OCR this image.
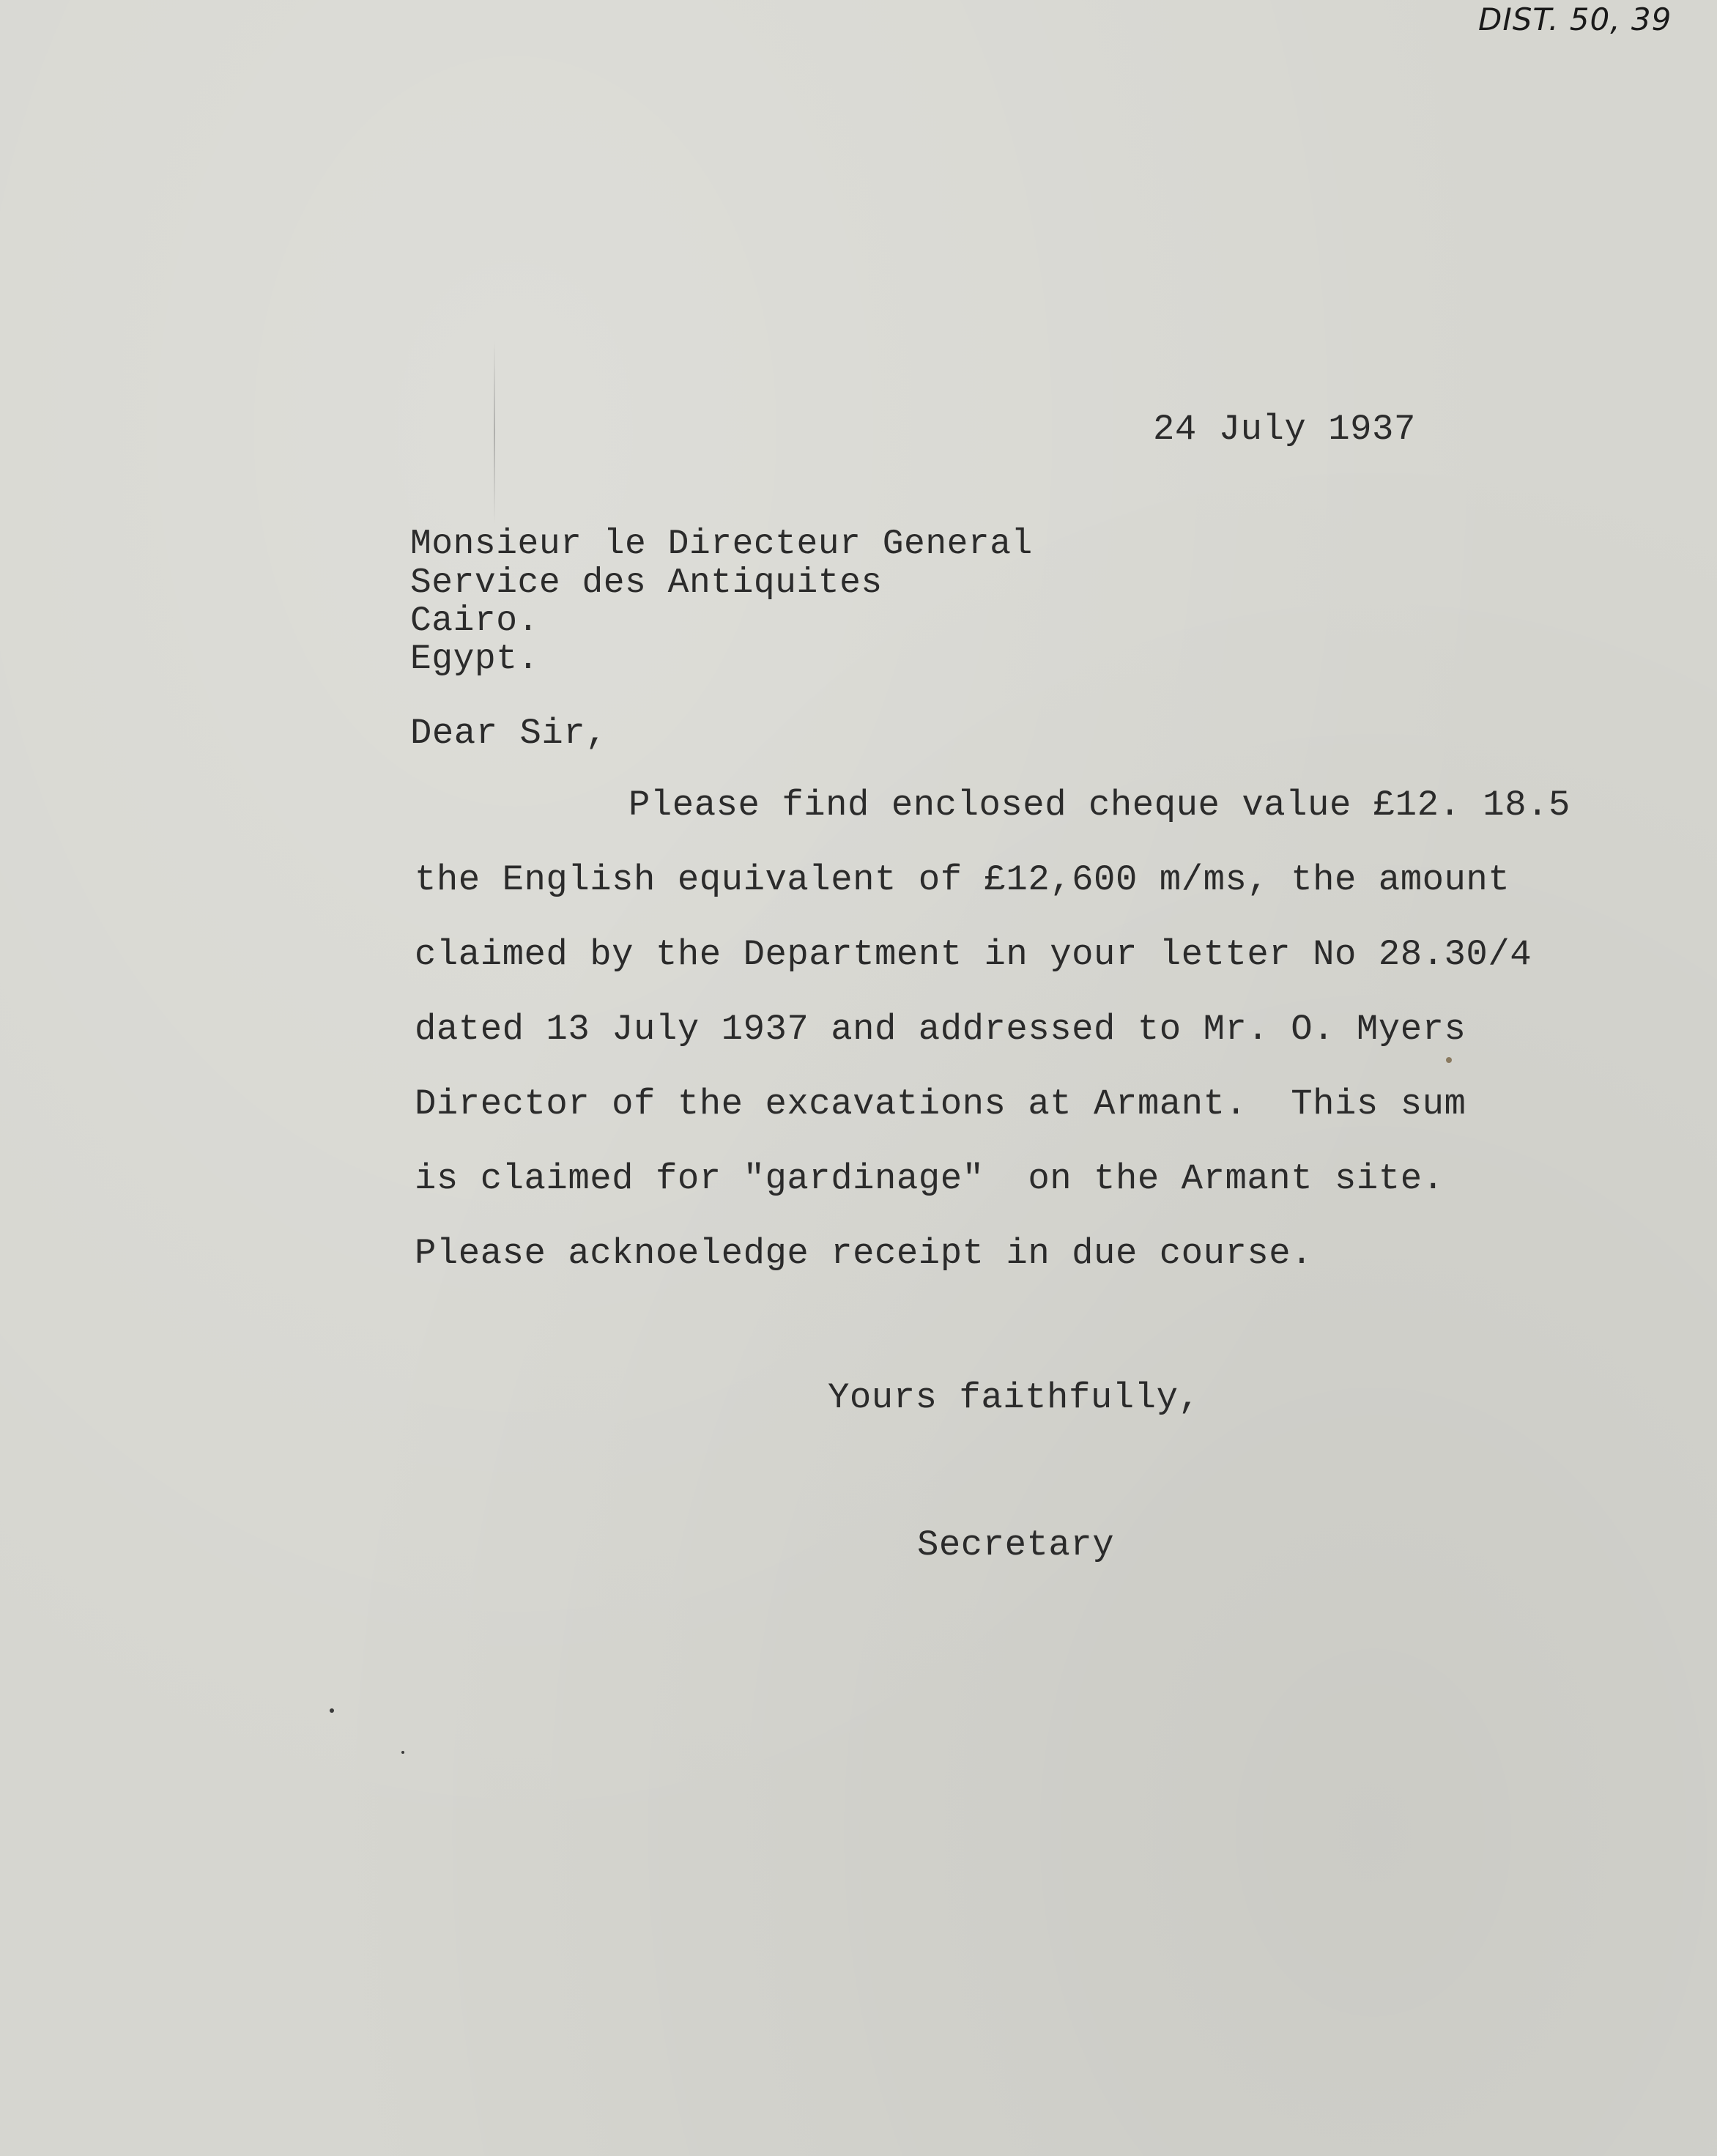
DIST. 50, 39
24 July 1937
Monsieur le Directeur General
Service des Antiquites
Cairo.
Egypt.
Dear Sir,
Please find enclosed cheque value £12. 18.5
the English equivalent of £12,600 m/ms, the amount
claimed by the Department in your letter No 28.30/4
dated 13 July 1937 and addressed to Mr. O. Myers
Director of the excavations at Armant.  This sum
is claimed for "gardinage"  on the Armant site.
Please acknoeledge receipt in due course.
Yours faithfully,
Secretary
